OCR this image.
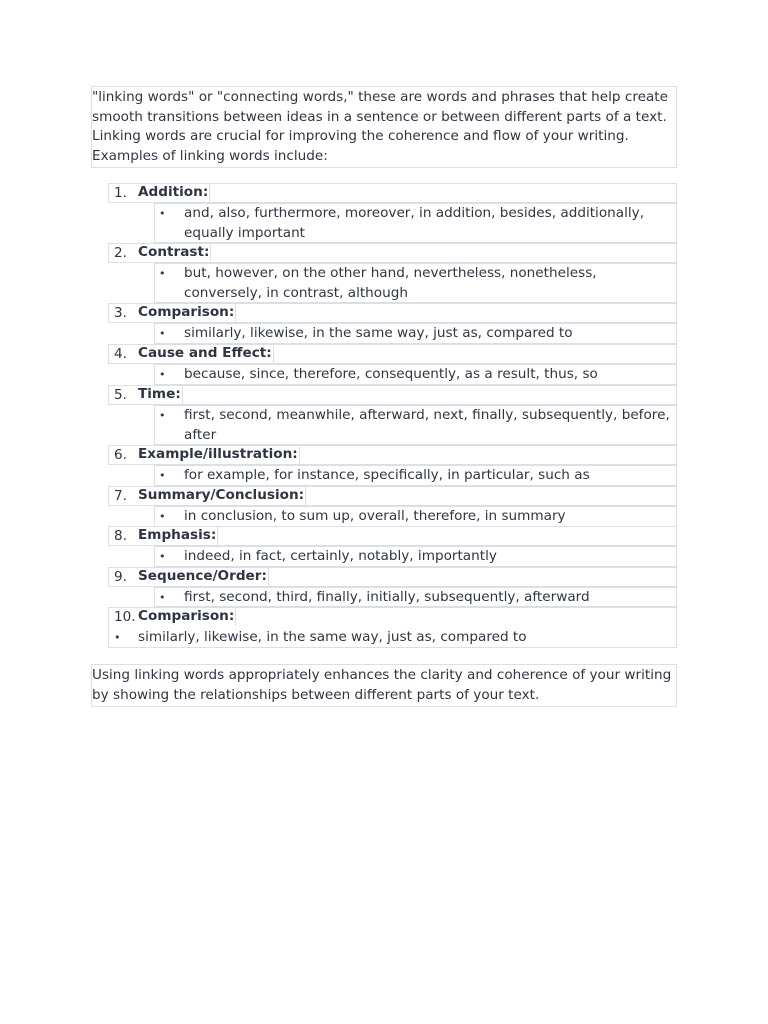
"linking words" or "connecting words," these are words and phrases that help create
smooth transitions between ideas in a sentence or between different parts of a text.
Linking words are crucial for improving the coherence and flow of your writing.
Examples of linking words include:
1. Addition:
• and, also, furthermore, moreover, in addition, besides, additionally, equally important
2. Contrast:
• but, however, on the other hand, nevertheless, nonetheless, conversely, in contrast, although
3. Comparison:
• similarly, likewise, in the same way, just as, compared to
4. Cause and Effect:
• because, since, therefore, consequently, as a result, thus, so
5. Time:
• first, second, meanwhile, afterward, next, finally, subsequently, before, after
6. Example/illustration:
• for example, for instance, specifically, in particular, such as
7. Summary/Conclusion:
• in conclusion, to sum up, overall, therefore, in summary
8. Emphasis:
• indeed, in fact, certainly, notably, importantly
9. Sequence/Order:
• first, second, third, finally, initially, subsequently, afterward
10. Comparison:
• similarly, likewise, in the same way, just as, compared to
Using linking words appropriately enhances the clarity and coherence of your writing
by showing the relationships between different parts of your text.
